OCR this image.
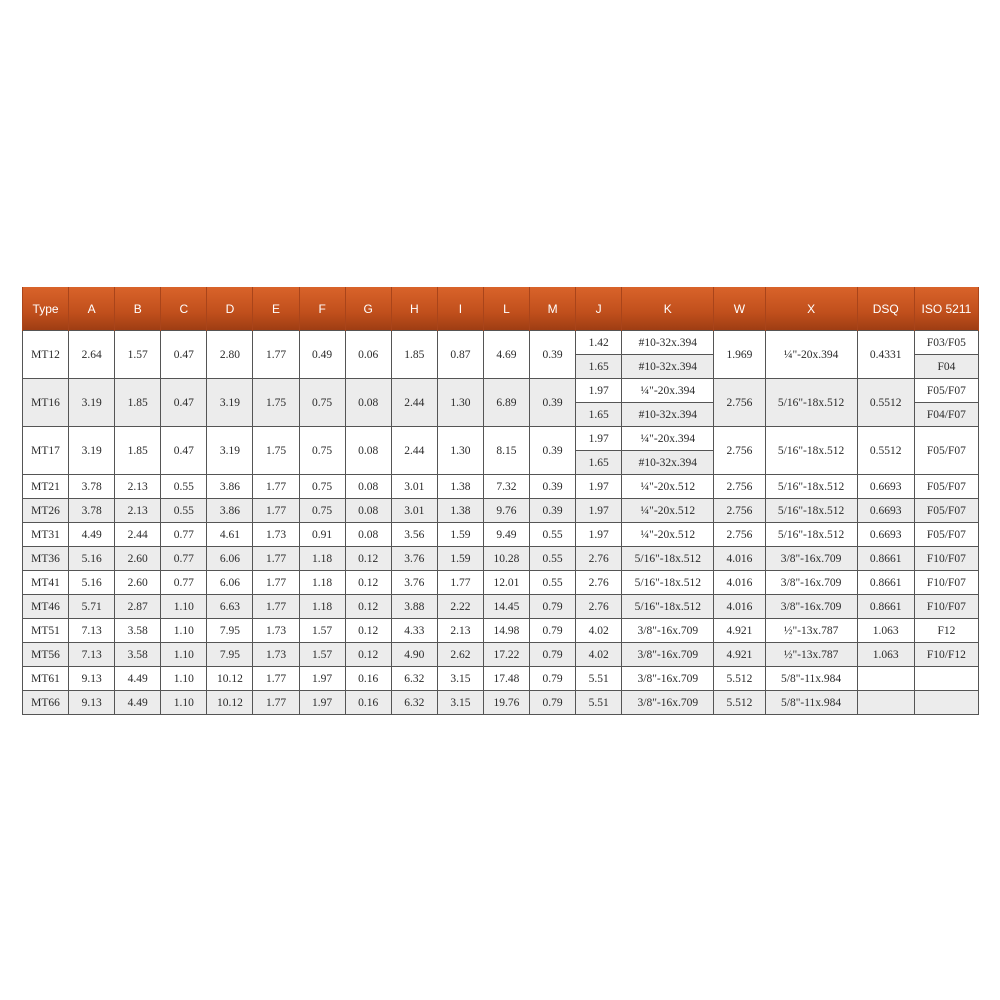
Type	A	B	C	D	E	F	G	H	I	L	M	J	K	W	X	DSQ	ISO 5211
MT12	2.64	1.57	0.47	2.80	1.77	0.49	0.06	1.85	0.87	4.69	0.39	1.42	#10-32x.394	1.969	¼"-20x.394	0.4331	F03/F05
												1.65	#10-32x.394				F04
MT16	3.19	1.85	0.47	3.19	1.75	0.75	0.08	2.44	1.30	6.89	0.39	1.97	¼"-20x.394	2.756	5/16"-18x.512	0.5512	F05/F07
												1.65	#10-32x.394				F04/F07
MT17	3.19	1.85	0.47	3.19	1.75	0.75	0.08	2.44	1.30	8.15	0.39	1.97	¼"-20x.394	2.756	5/16"-18x.512	0.5512	F05/F07
												1.65	#10-32x.394				
MT21	3.78	2.13	0.55	3.86	1.77	0.75	0.08	3.01	1.38	7.32	0.39	1.97	¼"-20x.512	2.756	5/16"-18x.512	0.6693	F05/F07
MT26	3.78	2.13	0.55	3.86	1.77	0.75	0.08	3.01	1.38	9.76	0.39	1.97	¼"-20x.512	2.756	5/16"-18x.512	0.6693	F05/F07
MT31	4.49	2.44	0.77	4.61	1.73	0.91	0.08	3.56	1.59	9.49	0.55	1.97	¼"-20x.512	2.756	5/16"-18x.512	0.6693	F05/F07
MT36	5.16	2.60	0.77	6.06	1.77	1.18	0.12	3.76	1.59	10.28	0.55	2.76	5/16"-18x.512	4.016	3/8"-16x.709	0.8661	F10/F07
MT41	5.16	2.60	0.77	6.06	1.77	1.18	0.12	3.76	1.77	12.01	0.55	2.76	5/16"-18x.512	4.016	3/8"-16x.709	0.8661	F10/F07
MT46	5.71	2.87	1.10	6.63	1.77	1.18	0.12	3.88	2.22	14.45	0.79	2.76	5/16"-18x.512	4.016	3/8"-16x.709	0.8661	F10/F07
MT51	7.13	3.58	1.10	7.95	1.73	1.57	0.12	4.33	2.13	14.98	0.79	4.02	3/8"-16x.709	4.921	½"-13x.787	1.063	F12
MT56	7.13	3.58	1.10	7.95	1.73	1.57	0.12	4.90	2.62	17.22	0.79	4.02	3/8"-16x.709	4.921	½"-13x.787	1.063	F10/F12
MT61	9.13	4.49	1.10	10.12	1.77	1.97	0.16	6.32	3.15	17.48	0.79	5.51	3/8"-16x.709	5.512	5/8"-11x.984		
MT66	9.13	4.49	1.10	10.12	1.77	1.97	0.16	6.32	3.15	19.76	0.79	5.51	3/8"-16x.709	5.512	5/8"-11x.984		
